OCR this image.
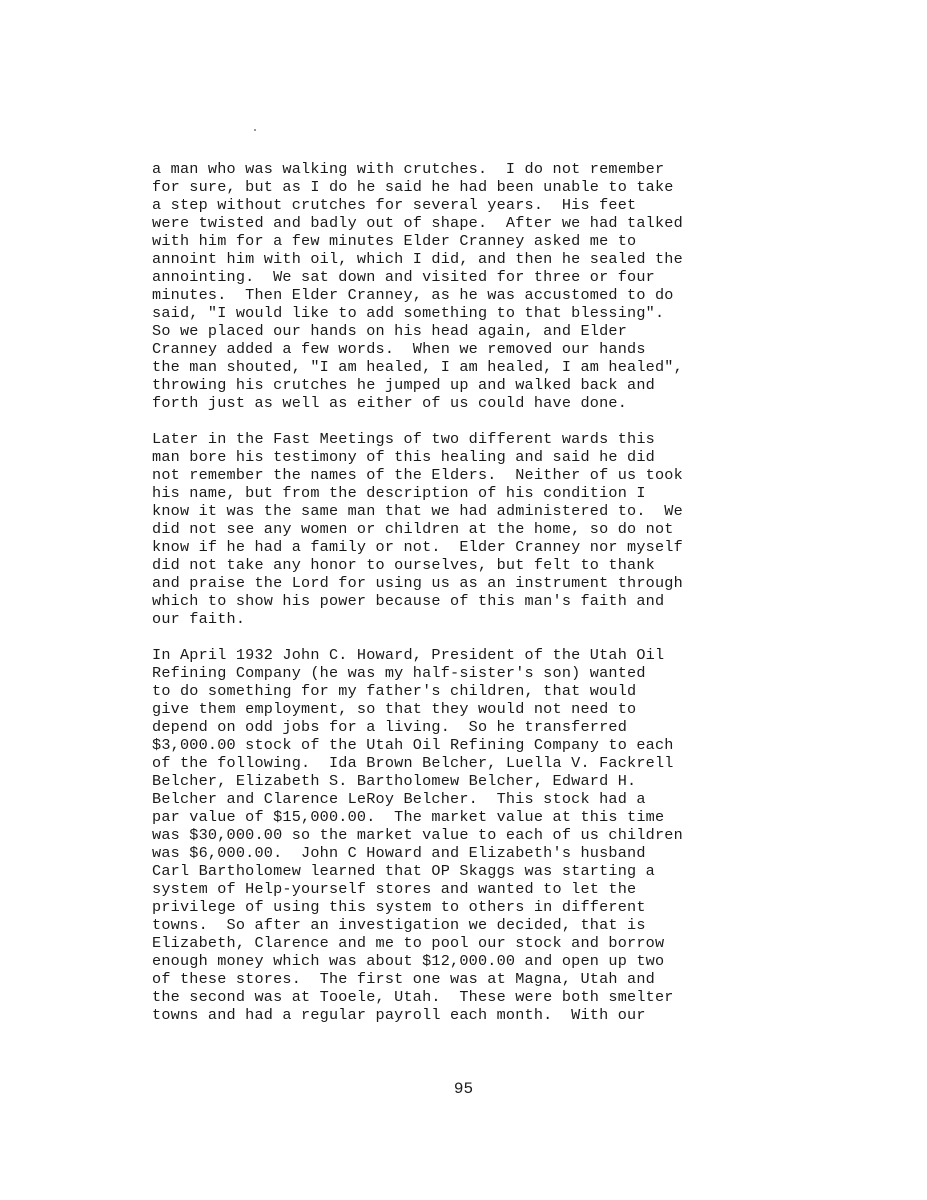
a man who was walking with crutches.  I do not remember
for sure, but as I do he said he had been unable to take
a step without crutches for several years.  His feet
were twisted and badly out of shape.  After we had talked
with him for a few minutes Elder Cranney asked me to
annoint him with oil, which I did, and then he sealed the
annointing.  We sat down and visited for three or four
minutes.  Then Elder Cranney, as he was accustomed to do
said, "I would like to add something to that blessing".
So we placed our hands on his head again, and Elder
Cranney added a few words.  When we removed our hands
the man shouted, "I am healed, I am healed, I am healed",
throwing his crutches he jumped up and walked back and
forth just as well as either of us could have done.
Later in the Fast Meetings of two different wards this
man bore his testimony of this healing and said he did
not remember the names of the Elders.  Neither of us took
his name, but from the description of his condition I
know it was the same man that we had administered to.  We
did not see any women or children at the home, so do not
know if he had a family or not.  Elder Cranney nor myself
did not take any honor to ourselves, but felt to thank
and praise the Lord for using us as an instrument through
which to show his power because of this man's faith and
our faith.
In April 1932 John C. Howard, President of the Utah Oil
Refining Company (he was my half-sister's son) wanted
to do something for my father's children, that would
give them employment, so that they would not need to
depend on odd jobs for a living.  So he transferred
$3,000.00 stock of the Utah Oil Refining Company to each
of the following.  Ida Brown Belcher, Luella V. Fackrell
Belcher, Elizabeth S. Bartholomew Belcher, Edward H.
Belcher and Clarence LeRoy Belcher.  This stock had a
par value of $15,000.00.  The market value at this time
was $30,000.00 so the market value to each of us children
was $6,000.00.  John C Howard and Elizabeth's husband
Carl Bartholomew learned that OP Skaggs was starting a
system of Help-yourself stores and wanted to let the
privilege of using this system to others in different
towns.  So after an investigation we decided, that is
Elizabeth, Clarence and me to pool our stock and borrow
enough money which was about $12,000.00 and open up two
of these stores.  The first one was at Magna, Utah and
the second was at Tooele, Utah.  These were both smelter
towns and had a regular payroll each month.  With our
95
